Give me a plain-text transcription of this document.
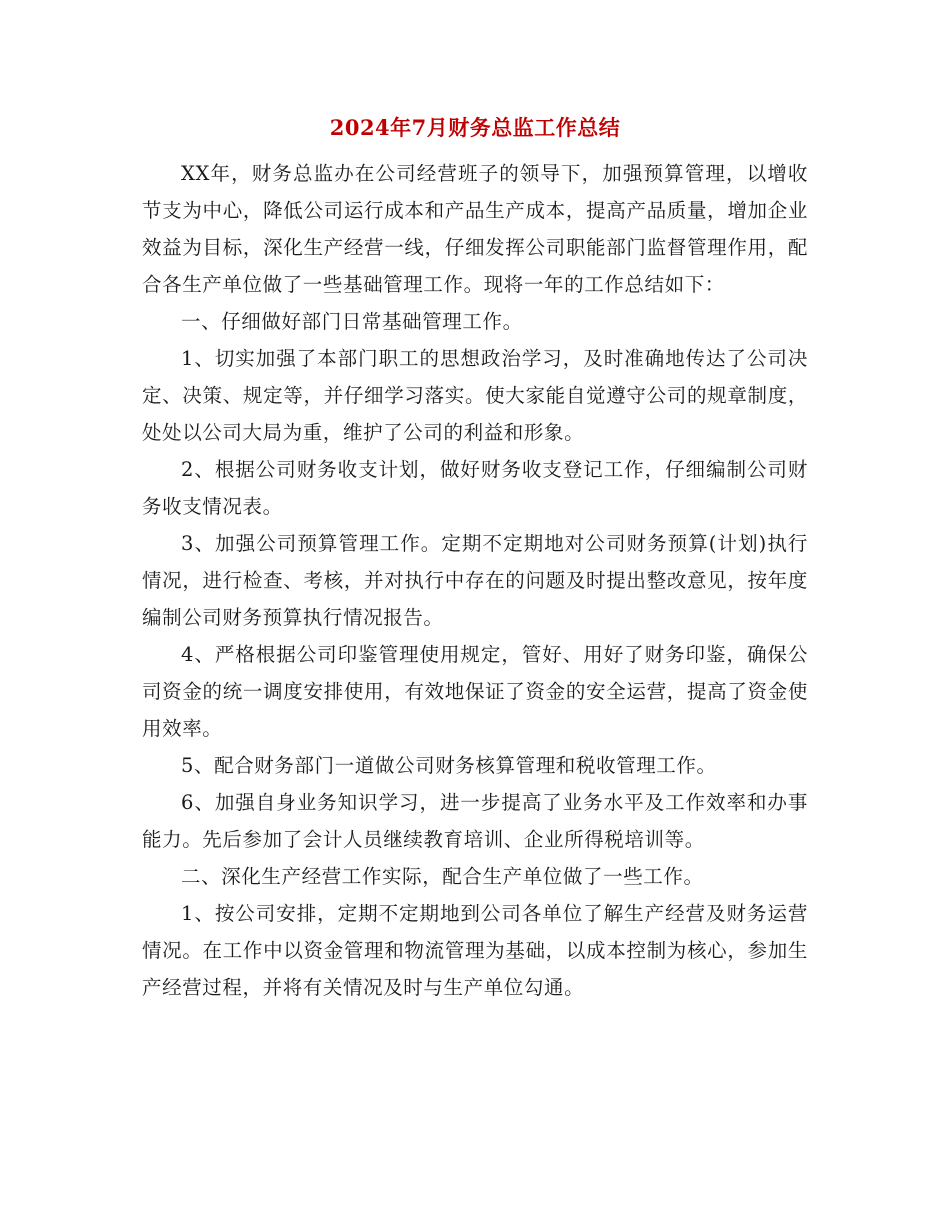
2024年7月财务总监工作总结

XX年，财务总监办在公司经营班子的领导下，加强预算管理，以增收节支为中心，降低公司运行成本和产品生产成本，提高产品质量，增加企业效益为目标，深化生产经营一线，仔细发挥公司职能部门监督管理作用，配合各生产单位做了一些基础管理工作。现将一年的工作总结如下：

一、仔细做好部门日常基础管理工作。

1、切实加强了本部门职工的思想政治学习，及时准确地传达了公司决定、决策、规定等，并仔细学习落实。使大家能自觉遵守公司的规章制度，处处以公司大局为重，维护了公司的利益和形象。

2、根据公司财务收支计划，做好财务收支登记工作，仔细编制公司财务收支情况表。

3、加强公司预算管理工作。定期不定期地对公司财务预算(计划)执行情况，进行检查、考核，并对执行中存在的问题及时提出整改意见，按年度编制公司财务预算执行情况报告。

4、严格根据公司印鉴管理使用规定，管好、用好了财务印鉴，确保公司资金的统一调度安排使用，有效地保证了资金的安全运营，提高了资金使用效率。

5、配合财务部门一道做公司财务核算管理和税收管理工作。

6、加强自身业务知识学习，进一步提高了业务水平及工作效率和办事能力。先后参加了会计人员继续教育培训、企业所得税培训等。

二、深化生产经营工作实际，配合生产单位做了一些工作。

1、按公司安排，定期不定期地到公司各单位了解生产经营及财务运营情况。在工作中以资金管理和物流管理为基础，以成本控制为核心，参加生产经营过程，并将有关情况及时与生产单位勾通。
